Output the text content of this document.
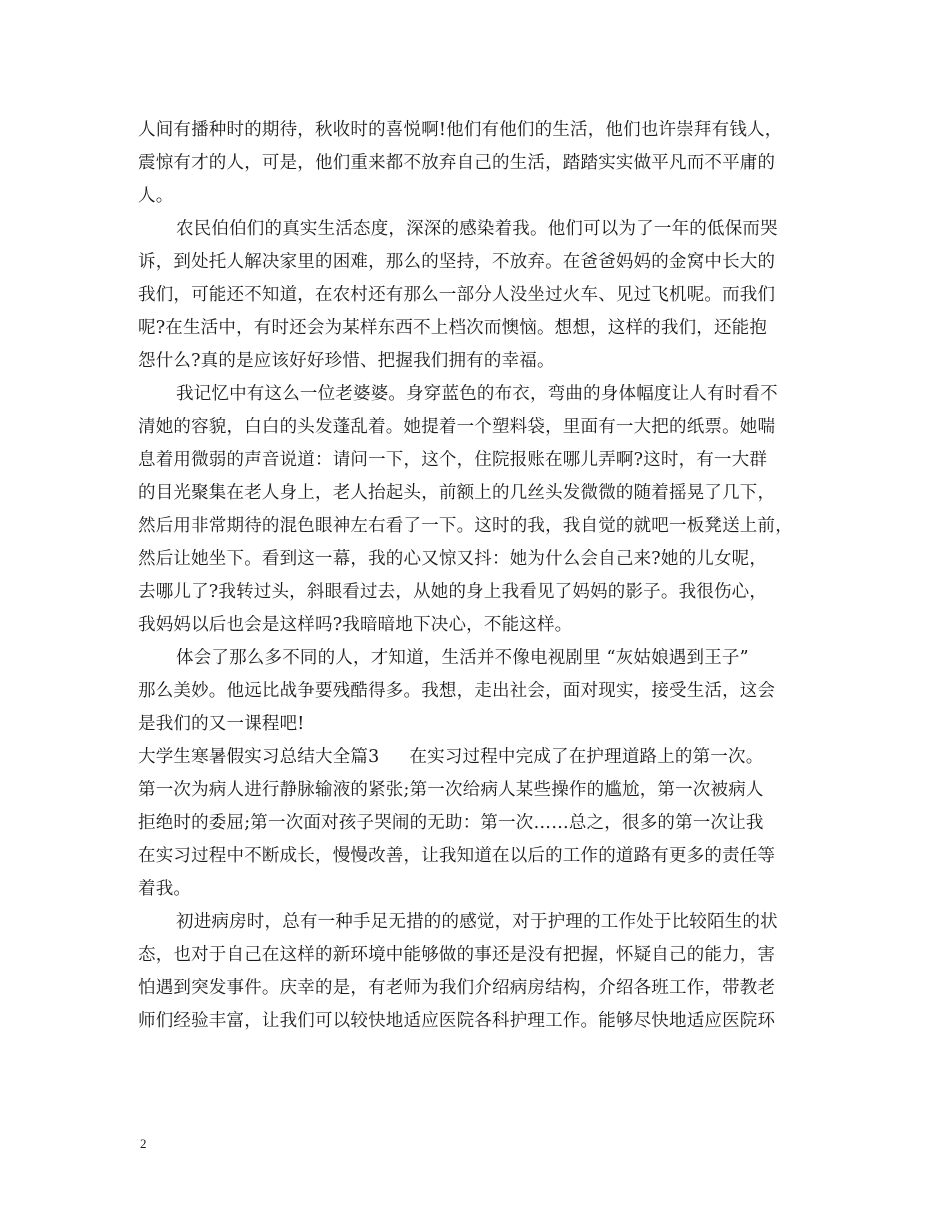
人间有播种时的期待，秋收时的喜悦啊!他们有他们的生活，他们也许崇拜有钱人，
震惊有才的人，可是，他们重来都不放弃自己的生活，踏踏实实做平凡而不平庸的
人。
农民伯伯们的真实生活态度，深深的感染着我。他们可以为了一年的低保而哭
诉，到处托人解决家里的困难，那么的坚持，不放弃。在爸爸妈妈的金窝中长大的
我们，可能还不知道，在农村还有那么一部分人没坐过火车、见过飞机呢。而我们
呢?在生活中，有时还会为某样东西不上档次而懊恼。想想，这样的我们，还能抱
怨什么?真的是应该好好珍惜、把握我们拥有的幸福。
我记忆中有这么一位老婆婆。身穿蓝色的布衣，弯曲的身体幅度让人有时看不
清她的容貌，白白的头发蓬乱着。她提着一个塑料袋，里面有一大把的纸票。她喘
息着用微弱的声音说道：请问一下，这个，住院报账在哪儿弄啊?这时，有一大群
的目光聚集在老人身上，老人抬起头，前额上的几丝头发微微的随着摇晃了几下，
然后用非常期待的混色眼神左右看了一下。这时的我，我自觉的就吧一板凳送上前，
然后让她坐下。看到这一幕，我的心又惊又抖：她为什么会自己来?她的儿女呢，
去哪儿了?我转过头，斜眼看过去，从她的身上我看见了妈妈的影子。我很伤心，
我妈妈以后也会是这样吗?我暗暗地下决心，不能这样。
体会了那么多不同的人，才知道，生活并不像电视剧里 “灰姑娘遇到王子”
那么美妙。他远比战争要残酷得多。我想，走出社会，面对现实，接受生活，这会
是我们的又一课程吧!
大学生寒暑假实习总结大全篇3 在实习过程中完成了在护理道路上的第一次。
第一次为病人进行静脉输液的紧张;第一次给病人某些操作的尴尬，第一次被病人
拒绝时的委屈;第一次面对孩子哭闹的无助：第一次……总之，很多的第一次让我
在实习过程中不断成长，慢慢改善，让我知道在以后的工作的道路有更多的责任等
着我。
初进病房时，总有一种手足无措的的感觉，对于护理的工作处于比较陌生的状
态，也对于自己在这样的新环境中能够做的事还是没有把握，怀疑自己的能力，害
怕遇到突发事件。庆幸的是，有老师为我们介绍病房结构，介绍各班工作，带教老
师们经验丰富，让我们可以较快地适应医院各科护理工作。能够尽快地适应医院环
2
